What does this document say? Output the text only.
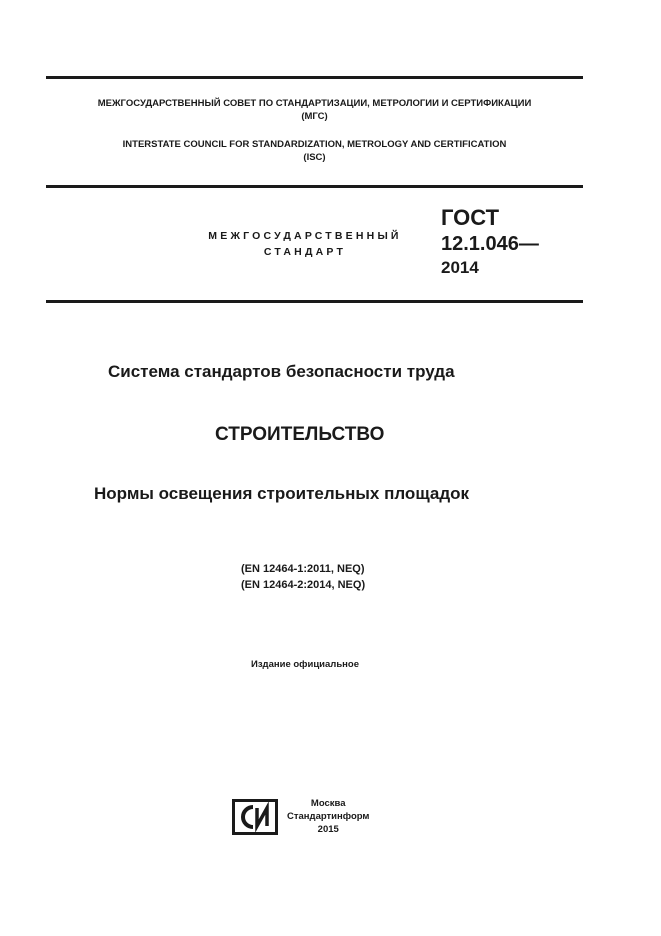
МЕЖГОСУДАРСТВЕННЫЙ СОВЕТ ПО СТАНДАРТИЗАЦИИ, МЕТРОЛОГИИ И СЕРТИФИКАЦИИ
(МГС)
INTERSTATE COUNCIL FOR STANDARDIZATION, METROLOGY AND CERTIFICATION
(ISC)
МЕЖГОСУДАРСТВЕННЫЙ
СТАНДАРТ
ГОСТ
12.1.046—
2014
Система стандартов безопасности труда
СТРОИТЕЛЬСТВО
Нормы освещения строительных площадок
(EN 12464-1:2011, NEQ)
(EN 12464-2:2014, NEQ)
Издание официальное
Москва
Стандартинформ
2015
